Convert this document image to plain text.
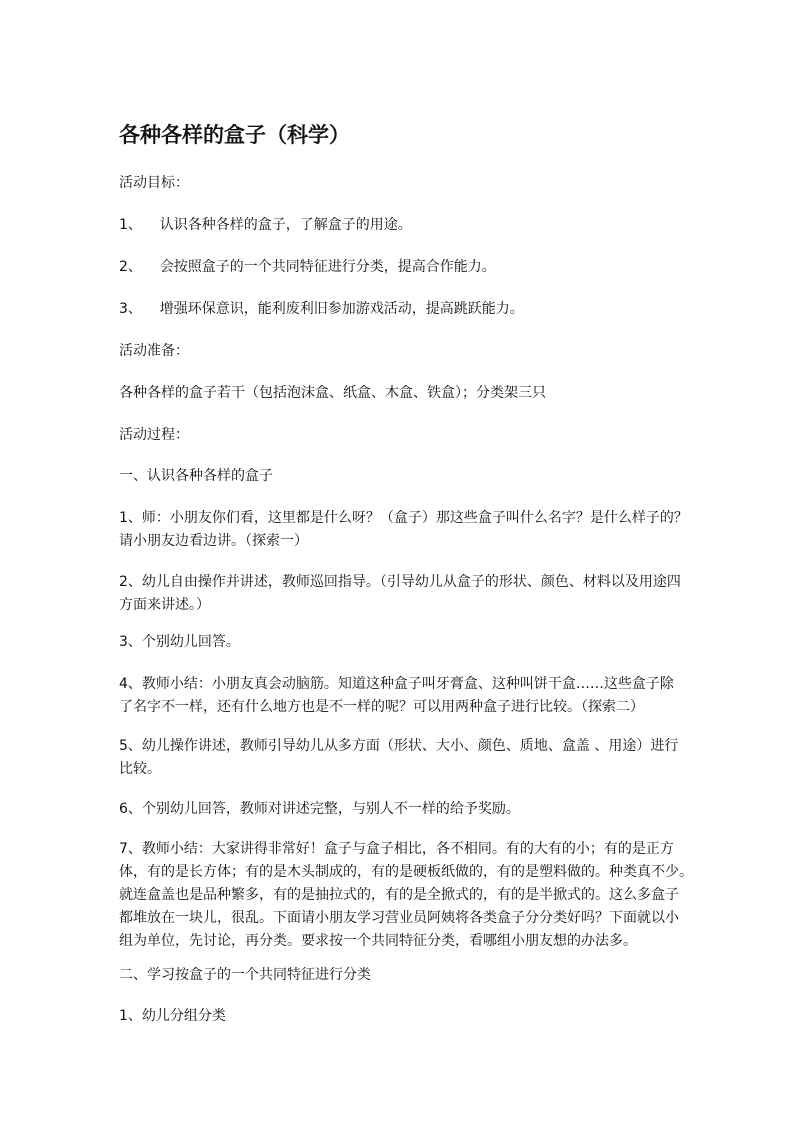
各种各样的盒子（科学）
活动目标：
1、    认识各种各样的盒子，了解盒子的用途。
2、    会按照盒子的一个共同特征进行分类，提高合作能力。
3、    增强环保意识，能利废利旧参加游戏活动，提高跳跃能力。
活动准备：
各种各样的盒子若干（包括泡沫盒、纸盒、木盒、铁盒）；分类架三只
活动过程：
一、认识各种各样的盒子
1、师：小朋友你们看，这里都是什么呀？（盒子）那这些盒子叫什么名字？是什么样子的？
请小朋友边看边讲。（探索一）
2、幼儿自由操作并讲述，教师巡回指导。（引导幼儿从盒子的形状、颜色、材料以及用途四
方面来讲述。）
3、个别幼儿回答。
4、教师小结：小朋友真会动脑筋。知道这种盒子叫牙膏盒、这种叫饼干盒……这些盒子除
了名字不一样，还有什么地方也是不一样的呢？可以用两种盒子进行比较。（探索二）
5、幼儿操作讲述，教师引导幼儿从多方面（形状、大小、颜色、质地、盒盖 、用途）进行
比较。
6、个别幼儿回答，教师对讲述完整，与别人不一样的给予奖励。
7、教师小结：大家讲得非常好！盒子与盒子相比，各不相同。有的大有的小；有的是正方
体，有的是长方体；有的是木头制成的，有的是硬板纸做的，有的是塑料做的。种类真不少。
就连盒盖也是品种繁多，有的是抽拉式的，有的是全掀式的，有的是半掀式的。这么多盒子
都堆放在一块儿，很乱。下面请小朋友学习营业员阿姨将各类盒子分分类好吗？下面就以小
组为单位，先讨论，再分类。要求按一个共同特征分类，看哪组小朋友想的办法多。
二、学习按盒子的一个共同特征进行分类
1、幼儿分组分类
